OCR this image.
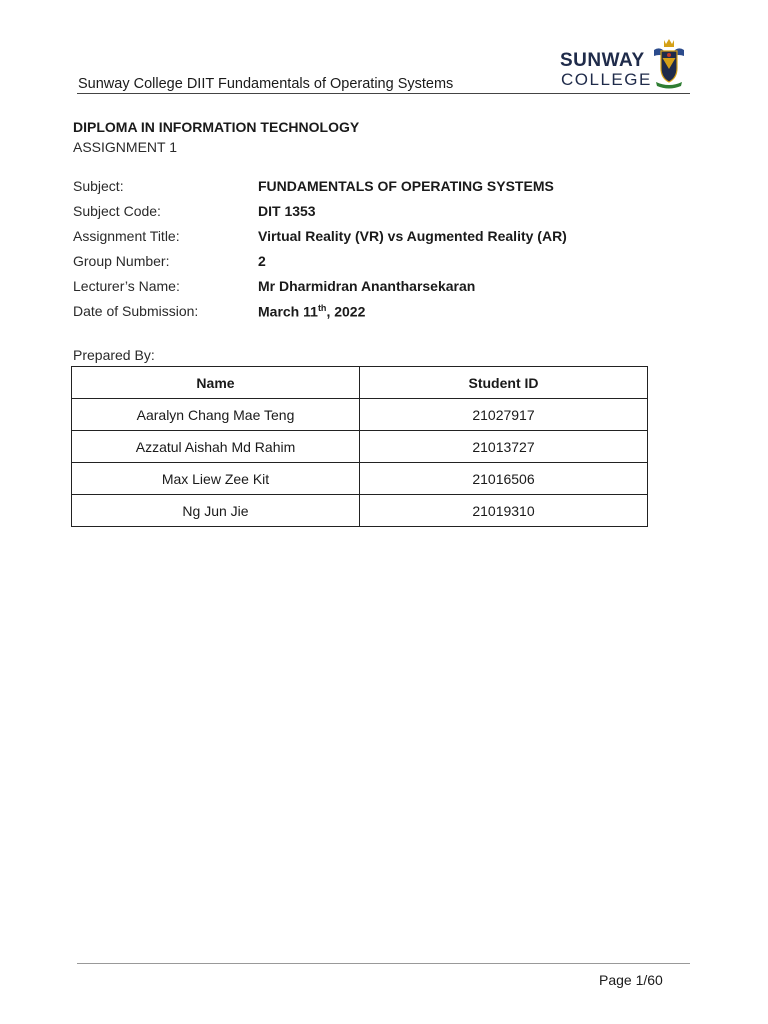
Sunway College DIIT Fundamentals of Operating Systems
SUNWAY
COLLEGE
DIPLOMA IN INFORMATION TECHNOLOGY
ASSIGNMENT 1
Subject:	FUNDAMENTALS OF OPERATING SYSTEMS
Subject Code:	DIT 1353
Assignment Title:	Virtual Reality (VR) vs Augmented Reality (AR)
Group Number:	2
Lecturer’s Name:	Mr Dharmidran Anantharsekaran
Date of Submission:	March 11th, 2022
Prepared By:
Name	Student ID
Aaralyn Chang Mae Teng	21027917
Azzatul Aishah Md Rahim	21013727
Max Liew Zee Kit	21016506
Ng Jun Jie	21019310
Page 1/60
